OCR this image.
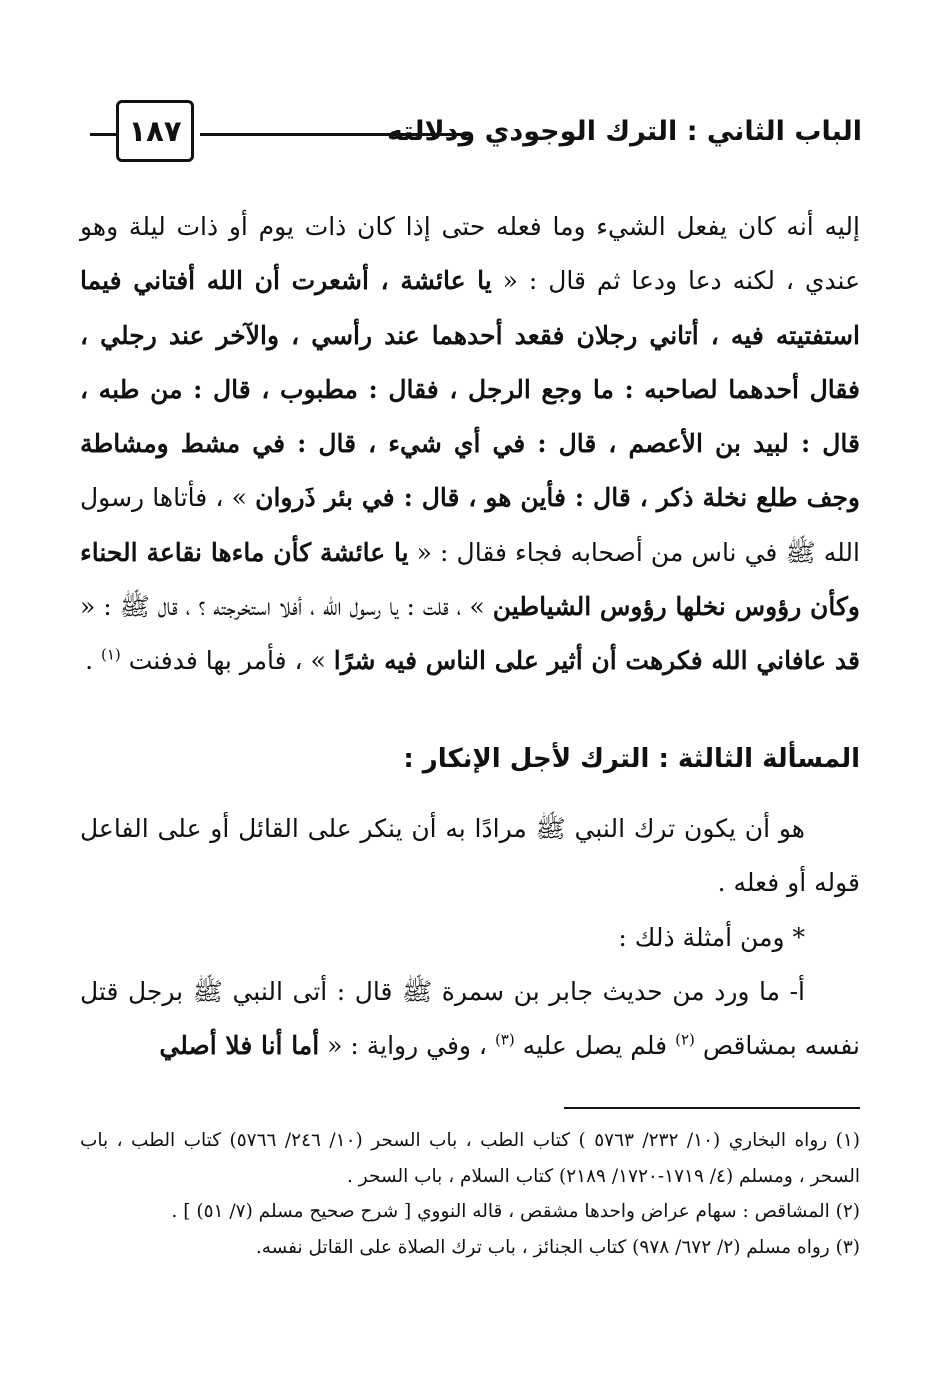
١٨٧	الباب الثاني : الترك الوجودي ودلالته

إليه أنه كان يفعل الشيء وما فعله حتى إذا كان ذات يوم أو ذات ليلة وهو عندي ، لكنه دعا ودعا ثم قال : « يا عائشة ، أشعرت أن الله أفتاني فيما استفتيته فيه ، أتاني رجلان فقعد أحدهما عند رأسي ، والآخر عند رجلي ، فقال أحدهما لصاحبه : ما وجع الرجل ، فقال : مطبوب ، قال : من طبه ، قال : لبيد بن الأعصم ، قال : في أي شيء ، قال : في مشط ومشاطة وجف طلع نخلة ذكر ، قال : فأين هو ، قال : في بئر ذَروان » ، فأتاها رسول الله ﷺ في ناس من أصحابه فجاء فقال : « يا عائشة كأن ماءها نقاعة الحناء وكأن رؤوس نخلها رؤوس الشياطين » ، قلت : يا رسول الله ، أفلا استخرجته ؟ ، قال ﷺ : « قد عافاني الله فكرهت أن أثير على الناس فيه شرًا » ، فأمر بها فدفنت $^{(١)}$ .

المسألة الثالثة : الترك لأجل الإنكار :

هو أن يكون ترك النبي ﷺ مرادًا به أن ينكر على القائل أو على الفاعل قوله أو فعله .

* ومن أمثلة ذلك :

أ- ما ورد من حديث جابر بن سمرة ﷺ قال : أتى النبي ﷺ برجل قتل نفسه بمشاقص $^{(٢)}$ فلم يصل عليه $^{(٣)}$ ، وفي رواية : « أما أنا فلا أصلي

(١) رواه البخاري (١٠/ ٢٣٢/ ٥٧٦٣ ) كتاب الطب ، باب السحر (١٠/ ٢٤٦/ ٥٧٦٦) كتاب الطب ، باب السحر ، ومسلم (٤/ ١٧١٩-١٧٢٠/ ٢١٨٩) كتاب السلام ، باب السحر .

(٢) المشاقص : سهام عراض واحدها مشقص ، قاله النووي [ شرح صحيح مسلم (٧/ ٥١) ] .

(٣) رواه مسلم (٢/ ٦٧٢/ ٩٧٨) كتاب الجنائز ، باب ترك الصلاة على القاتل نفسه.
